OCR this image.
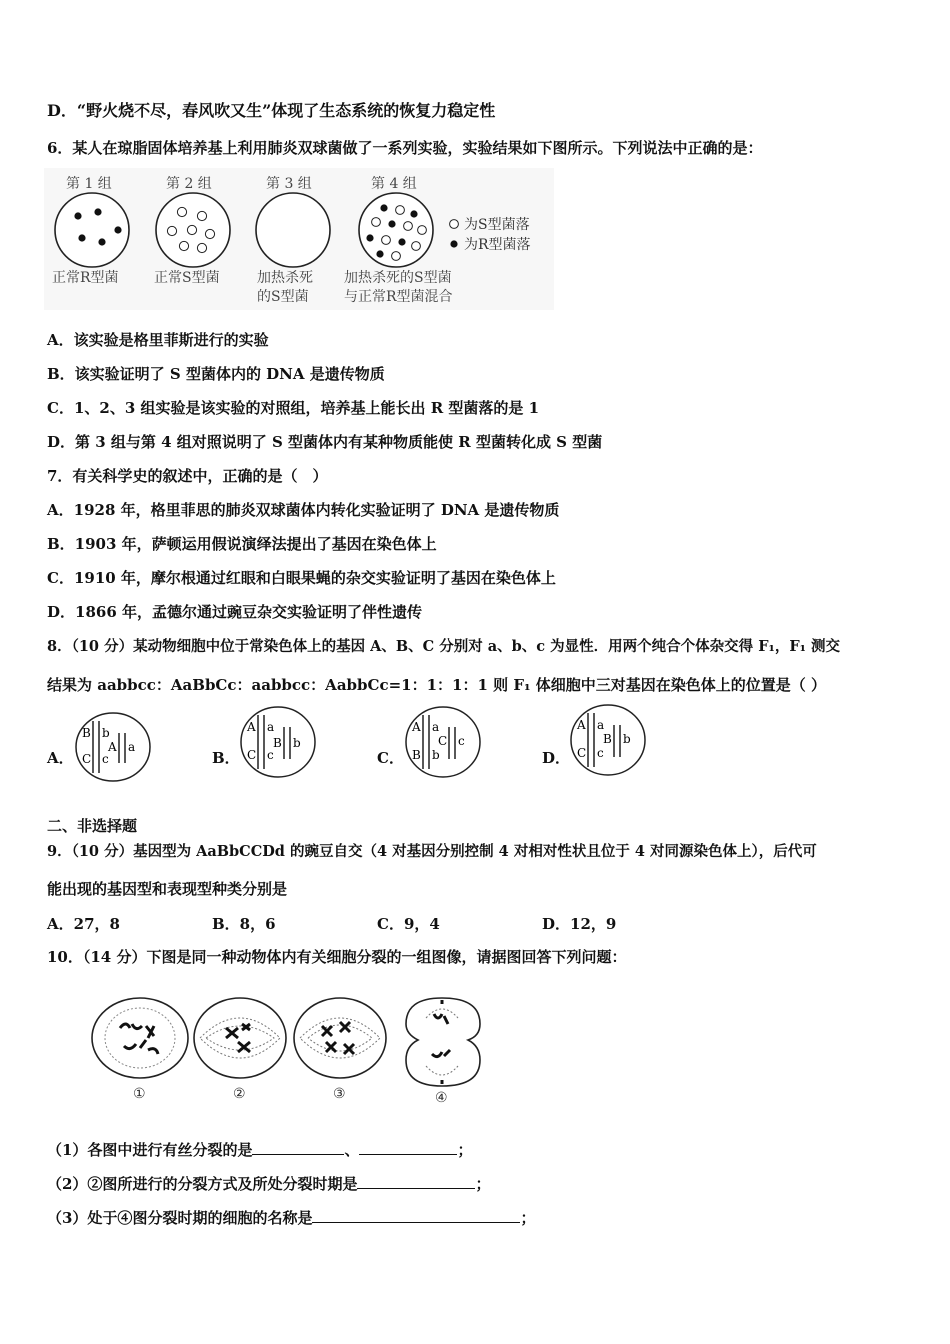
D．“野火烧不尽，春风吹又生”体现了生态系统的恢复力稳定性
6．某人在琼脂固体培养基上利用肺炎双球菌做了一系列实验，实验结果如下图所示。下列说法中正确的是：
第 1 组	第 2 组	第 3 组	第 4 组
为S型菌落
为R型菌落
正常R型菌	正常S型菌	加热杀死
的S型菌
加热杀死的S型菌
与正常R型菌混合
A．该实验是格里菲斯进行的实验
B．该实验证明了 S 型菌体内的 DNA 是遗传物质
C．1、2、3 组实验是该实验的对照组，培养基上能长出 R 型菌落的是 1
D．第 3 组与第 4 组对照说明了 S 型菌体内有某种物质能使 R 型菌转化成 S 型菌
7．有关科学史的叙述中，正确的是（　）
A．1928 年，格里菲思的肺炎双球菌体内转化实验证明了 DNA 是遗传物质
B．1903 年，萨顿运用假说演绎法提出了基因在染色体上
C．1910 年，摩尔根通过红眼和白眼果蝇的杂交实验证明了基因在染色体上
D．1866 年，孟德尔通过豌豆杂交实验证明了伴性遗传
8．（10 分）某动物细胞中位于常染色体上的基因 A、B、C 分别对 a、b、c 为显性．用两个纯合个体杂交得 F₁，F₁ 测交
结果为 aabbcc：AaBbCc：aabbcc：AabbCc=1：1：1：1 则 F₁ 体细胞中三对基因在染色体上的位置是（ ）
A．	B．	C．	D．
B b
C c
A a
A a
C c
B b
A a
B b
C c
A a
C c
B b
二、非选择题
9．（10 分）基因型为 AaBbCCDd 的豌豆自交（4 对基因分别控制 4 对相对性状且位于 4 对同源染色体上），后代可
能出现的基因型和表现型种类分别是
A．27，8	B．8，6	C．9，4	D．12，9
10．（14 分）下图是同一种动物体内有关细胞分裂的一组图像，请据图回答下列问题：
①	②	③	④
（1）各图中进行有丝分裂的是	、	；
（2）②图所进行的分裂方式及所处分裂时期是	；
（3）处于④图分裂时期的细胞的名称是	；
